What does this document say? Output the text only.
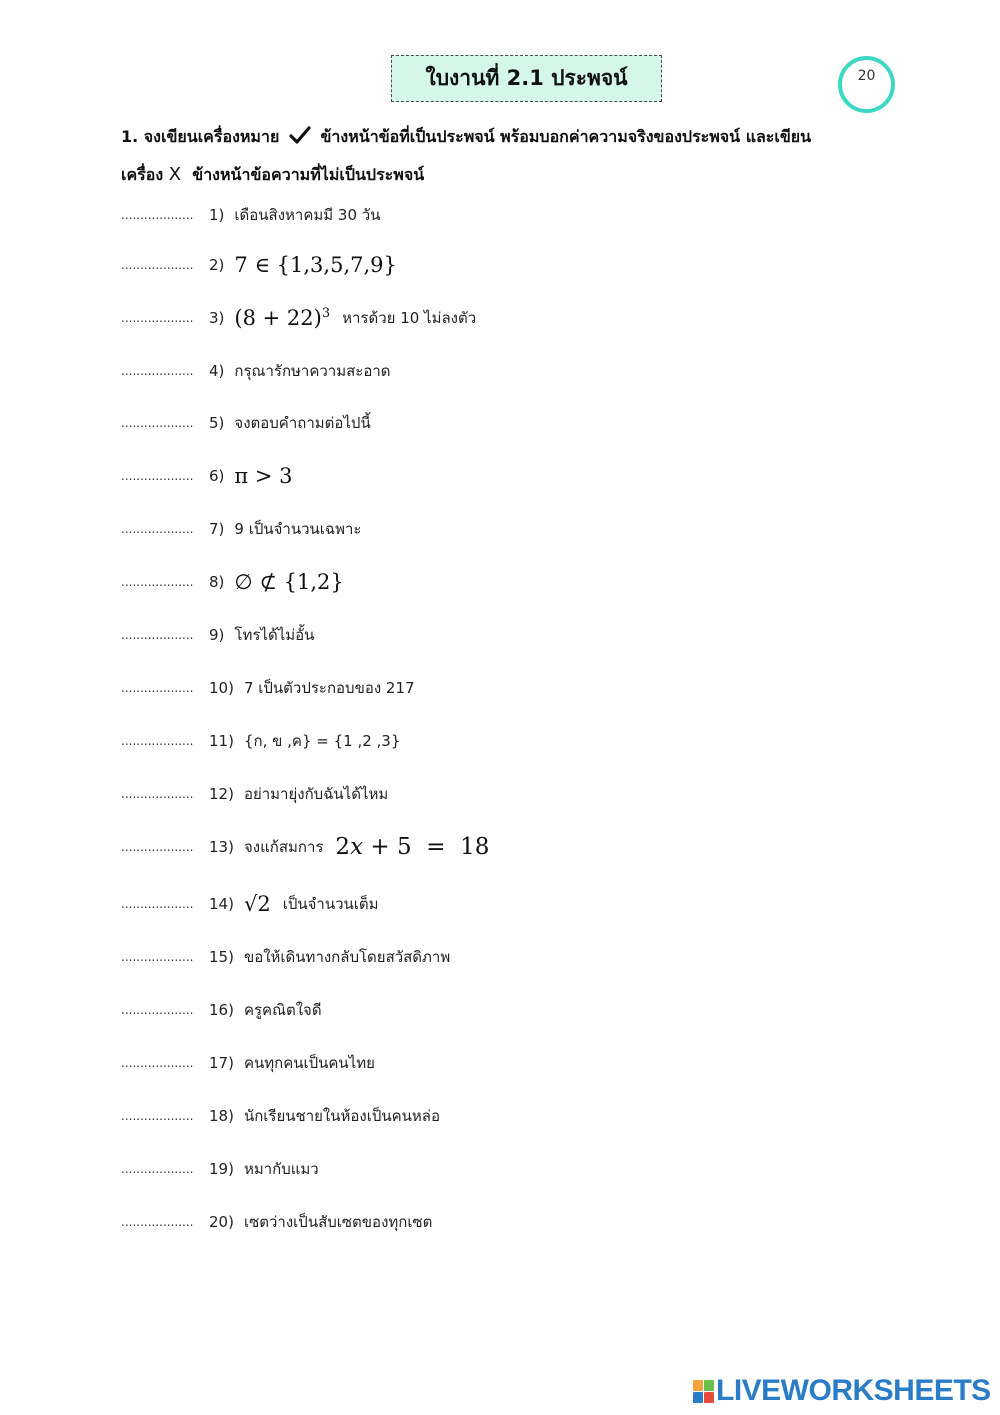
ใบงานที่ 2.1 ประพจน์	20
1. จงเขียนเครื่องหมาย	ข้างหน้าข้อที่เป็นประพจน์ พร้อมบอกค่าความจริงของประพจน์ และเขียน
เครื่อง X ข้างหน้าข้อความที่ไม่เป็นประพจน์
...................	1) เดือนสิงหาคมมี 30 วัน
...................	2) 7 ∈ {1,3,5,7,9}
...................	3) $(8 + 22)^3$ หารด้วย 10 ไม่ลงตัว
...................	4) กรุณารักษาความสะอาด
...................	5) จงตอบคำถามต่อไปนี้
...................	6) π > 3
...................	7) 9 เป็นจำนวนเฉพาะ
...................	8) ∅ ⊄ {1,2}
...................	9) โทรได้ไม่อั้น
...................	10) 7 เป็นตัวประกอบของ 217
...................	11) {ก, ข ,ค} = {1 ,2 ,3}
...................	12) อย่ามายุ่งกับฉันได้ไหม
...................	13) จงแก้สมการ 2x + 5  =  18
...................	14) √2 เป็นจำนวนเต็ม
...................	15) ขอให้เดินทางกลับโดยสวัสดิภาพ
...................	16) ครูคณิตใจดี
...................	17) คนทุกคนเป็นคนไทย
...................	18) นักเรียนชายในห้องเป็นคนหล่อ
...................	19) หมากับแมว
...................	20) เซตว่างเป็นสับเซตของทุกเซต
LIVEWORKSHEETS
